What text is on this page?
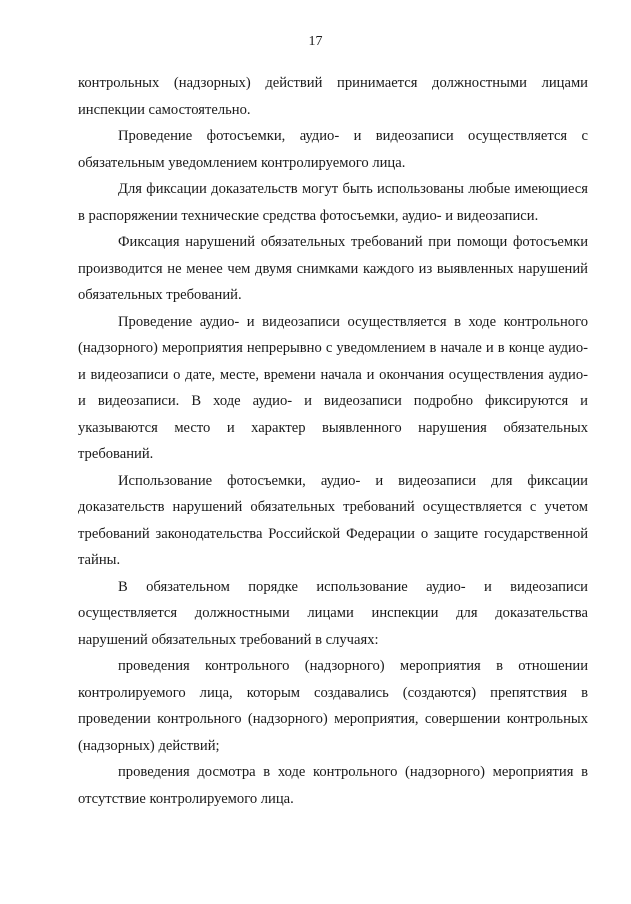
17

контрольных (надзорных) действий принимается должностными лицами инспекции самостоятельно.

Проведение фотосъемки, аудио- и видеозаписи осуществляется с обязательным уведомлением контролируемого лица.

Для фиксации доказательств могут быть использованы любые имеющиеся в распоряжении технические средства фотосъемки, аудио- и видеозаписи.

Фиксация нарушений обязательных требований при помощи фотосъемки производится не менее чем двумя снимками каждого из выявленных нарушений обязательных требований.

Проведение аудио- и видеозаписи осуществляется в ходе контрольного (надзорного) мероприятия непрерывно с уведомлением в начале и в конце аудио- и видеозаписи о дате, месте, времени начала и окончания осуществления аудио- и видеозаписи. В ходе аудио- и видеозаписи подробно фиксируются и указываются место и характер выявленного нарушения обязательных требований.

Использование фотосъемки, аудио- и видеозаписи для фиксации доказательств нарушений обязательных требований осуществляется с учетом требований законодательства Российской Федерации о защите государственной тайны.

В обязательном порядке использование аудио- и видеозаписи осуществляется должностными лицами инспекции для доказательства нарушений обязательных требований в случаях:

проведения контрольного (надзорного) мероприятия в отношении контролируемого лица, которым создавались (создаются) препятствия в проведении контрольного (надзорного) мероприятия, совершении контрольных (надзорных) действий;

проведения досмотра в ходе контрольного (надзорного) мероприятия в отсутствие контролируемого лица.
